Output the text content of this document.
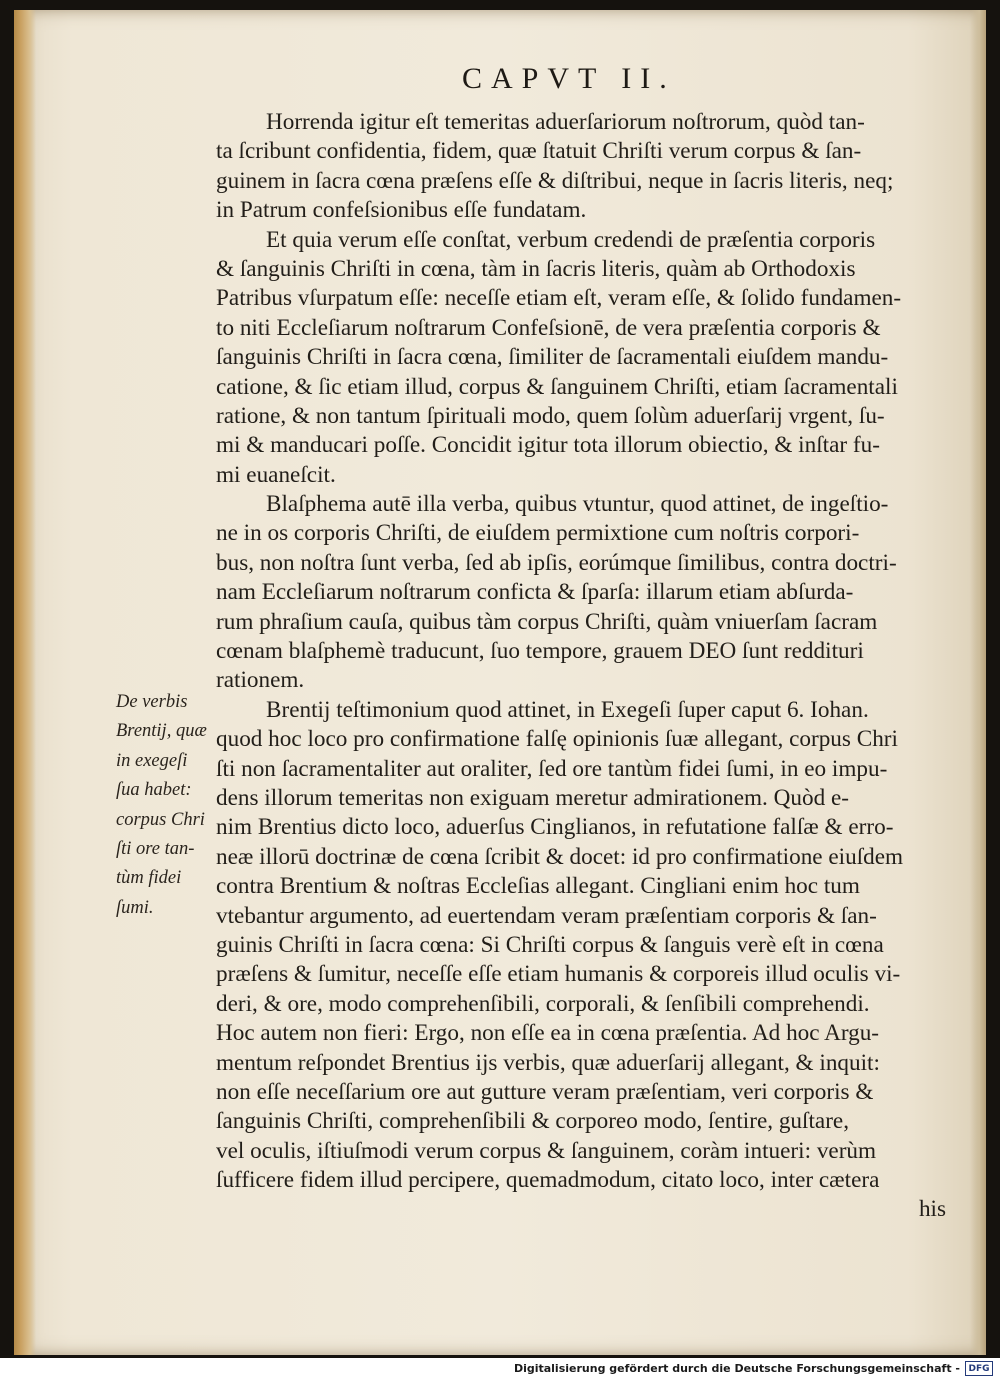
CAPVT II.
Horrenda igitur eſt temeritas aduerſariorum noſtrorum, quòd tan-
ta ſcribunt confidentia, fidem, quæ ſtatuit Chriſti verum corpus & ſan-
guinem in ſacra cœna præſens eſſe & diſtribui, neque in ſacris literis, neq;
in Patrum confeſsionibus eſſe fundatam.
Et quia verum eſſe conſtat, verbum credendi de præſentia corporis
& ſanguinis Chriſti in cœna, tàm in ſacris literis, quàm ab Orthodoxis
Patribus vſurpatum eſſe: neceſſe etiam eſt, veram eſſe, & ſolido fundamen-
to niti Eccleſiarum noſtrarum Confeſsionē, de vera præſentia corporis &
ſanguinis Chriſti in ſacra cœna, ſimiliter de ſacramentali eiuſdem mandu-
catione, & ſic etiam illud, corpus & ſanguinem Chriſti, etiam ſacramentali
ratione, & non tantum ſpirituali modo, quem ſolùm aduerſarij vrgent, ſu-
mi & manducari poſſe. Concidit igitur tota illorum obiectio, & inſtar fu-
mi euaneſcit.
Blaſphema autē illa verba, quibus vtuntur, quod attinet, de ingeſtio-
ne in os corporis Chriſti, de eiuſdem permixtione cum noſtris corpori-
bus, non noſtra ſunt verba, ſed ab ipſis, eorúmque ſimilibus, contra doctri-
nam Eccleſiarum noſtrarum conficta & ſparſa: illarum etiam abſurda-
rum phraſium cauſa, quibus tàm corpus Chriſti, quàm vniuerſam ſacram
cœnam blaſphemè traducunt, ſuo tempore, grauem DEO ſunt reddituri
rationem.
Brentij teſtimonium quod attinet, in Exegeſi ſuper caput 6. Iohan.
quod hoc loco pro confirmatione falſę opinionis ſuæ allegant, corpus Chri
ſti non ſacramentaliter aut oraliter, ſed ore tantùm fidei ſumi, in eo impu-
dens illorum temeritas non exiguam meretur admirationem. Quòd e-
nim Brentius dicto loco, aduerſus Cinglianos, in refutatione falſæ & erro-
neæ illorū doctrinæ de cœna ſcribit & docet: id pro confirmatione eiuſdem
contra Brentium & noſtras Eccleſias allegant. Cingliani enim hoc tum
vtebantur argumento, ad euertendam veram præſentiam corporis & ſan-
guinis Chriſti in ſacra cœna: Si Chriſti corpus & ſanguis verè eſt in cœna
præſens & ſumitur, neceſſe eſſe etiam humanis & corporeis illud oculis vi-
deri, & ore, modo comprehenſibili, corporali, & ſenſibili comprehendi.
Hoc autem non fieri: Ergo, non eſſe ea in cœna præſentia. Ad hoc Argu-
mentum reſpondet Brentius ijs verbis, quæ aduerſarij allegant, & inquit:
non eſſe neceſſarium ore aut gutture veram præſentiam, veri corporis &
ſanguinis Chriſti, comprehenſibili & corporeo modo, ſentire, guſtare,
vel oculis, iſtiuſmodi verum corpus & ſanguinem, coràm intueri: verùm
ſufficere fidem illud percipere, quemadmodum, citato loco, inter cætera
his
De verbis
Brentij, quæ
in exegeſi
ſua habet:
corpus Chri
ſti ore tan-
tùm fidei
ſumi.
Digitalisierung gefördert durch die Deutsche Forschungsgemeinschaft - DFG
